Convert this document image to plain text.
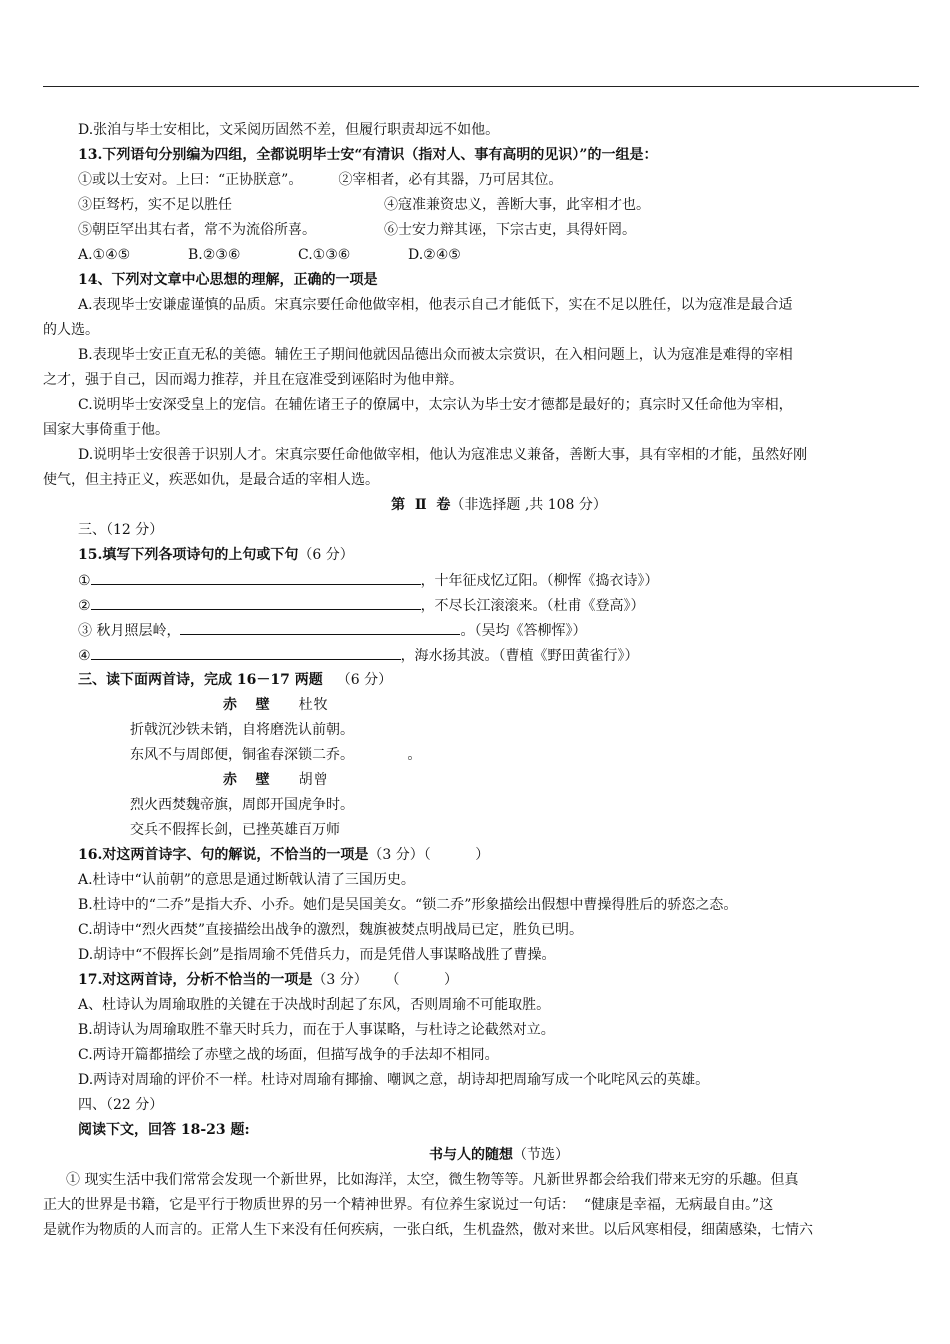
D.张洎与毕士安相比，文采阅历固然不差，但履行职责却远不如他。
13.下列语句分别编为四组，全都说明毕士安“有清识（指对人、事有高明的见识）”的一组是：
①或以士安对。上曰：“正协朕意”。	②宰相者，必有其器，乃可居其位。
③臣驽朽，实不足以胜任	④寇准兼资忠义，善断大事，此宰相才也。
⑤朝臣罕出其右者，常不为流俗所喜。	⑥士安力辩其诬，下宗古吏，具得奸罔。
A.①④⑤	B.②③⑥	C.①③⑥	D.②④⑤
14、下列对文章中心思想的理解，正确的一项是
A.表现毕士安谦虚谨慎的品质。宋真宗要任命他做宰相，他表示自己才能低下，实在不足以胜任，以为寇准是最合适
的人选。
B.表现毕士安正直无私的美德。辅佐王子期间他就因品德出众而被太宗赏识，在入相问题上，认为寇准是难得的宰相
之才，强于自己，因而竭力推荐，并且在寇准受到诬陷时为他申辩。
C.说明毕士安深受皇上的宠信。在辅佐诸王子的僚属中，太宗认为毕士安才德都是最好的；真宗时又任命他为宰相，
国家大事倚重于他。
D.说明毕士安很善于识别人才。宋真宗要任命他做宰相，他认为寇准忠义兼备，善断大事，具有宰相的才能，虽然好刚
使气，但主持正义，疾恶如仇，是最合适的宰相人选。
第  Ⅱ  卷（非选择题 ,共 108 分）
三、（12 分）
15.填写下列各项诗句的上句或下句（6 分）
①	，十年征戍忆辽阳。（柳恽《捣衣诗》）
②	，不尽长江滚滚来。（杜甫《登高》）
③ 秋月照层岭，	。（吴均《答柳恽》）
④	，海水扬其波。（曹植《野田黄雀行》）
三、读下面两首诗，完成 16－17 两题 （6 分）
赤   壁 杜牧
折戟沉沙铁未销，自将磨洗认前朝。
东风不与周郎便，铜雀春深锁二乔。            。
赤   壁 胡曾
烈火西焚魏帝旗，周郎开国虎争时。
交兵不假挥长剑，已挫英雄百万师
16.对这两首诗字、句的解说，不恰当的一项是（3 分）（          ）
A.杜诗中“认前朝”的意思是通过断戟认清了三国历史。
B.杜诗中的“二乔”是指大乔、小乔。她们是吴国美女。“锁二乔”形象描绘出假想中曹操得胜后的骄恣之态。
C.胡诗中“烈火西焚”直接描绘出战争的激烈，魏旗被焚点明战局已定，胜负已明。
D.胡诗中“不假挥长剑”是指周瑜不凭借兵力，而是凭借人事谋略战胜了曹操。
17.对这两首诗，分析不恰当的一项是（3 分）    （          ）
A、杜诗认为周瑜取胜的关键在于决战时刮起了东风，否则周瑜不可能取胜。
B.胡诗认为周瑜取胜不靠天时兵力，而在于人事谋略，与杜诗之论截然对立。
C.两诗开篇都描绘了赤壁之战的场面，但描写战争的手法却不相同。
D.两诗对周瑜的评价不一样。杜诗对周瑜有揶揄、嘲讽之意，胡诗却把周瑜写成一个叱咤风云的英雄。
四、（22 分）
阅读下文，回答 18-23 题:
书与人的随想（节选）
① 现实生活中我们常常会发现一个新世界，比如海洋，太空，微生物等等。凡新世界都会给我们带来无穷的乐趣。但真
正大的世界是书籍，它是平行于物质世界的另一个精神世界。有位养生家说过一句话：  “健康是幸福，无病最自由。”这
是就作为物质的人而言的。正常人生下来没有任何疾病，一张白纸，生机盎然，傲对来世。以后风寒相侵，细菌感染，七情六
